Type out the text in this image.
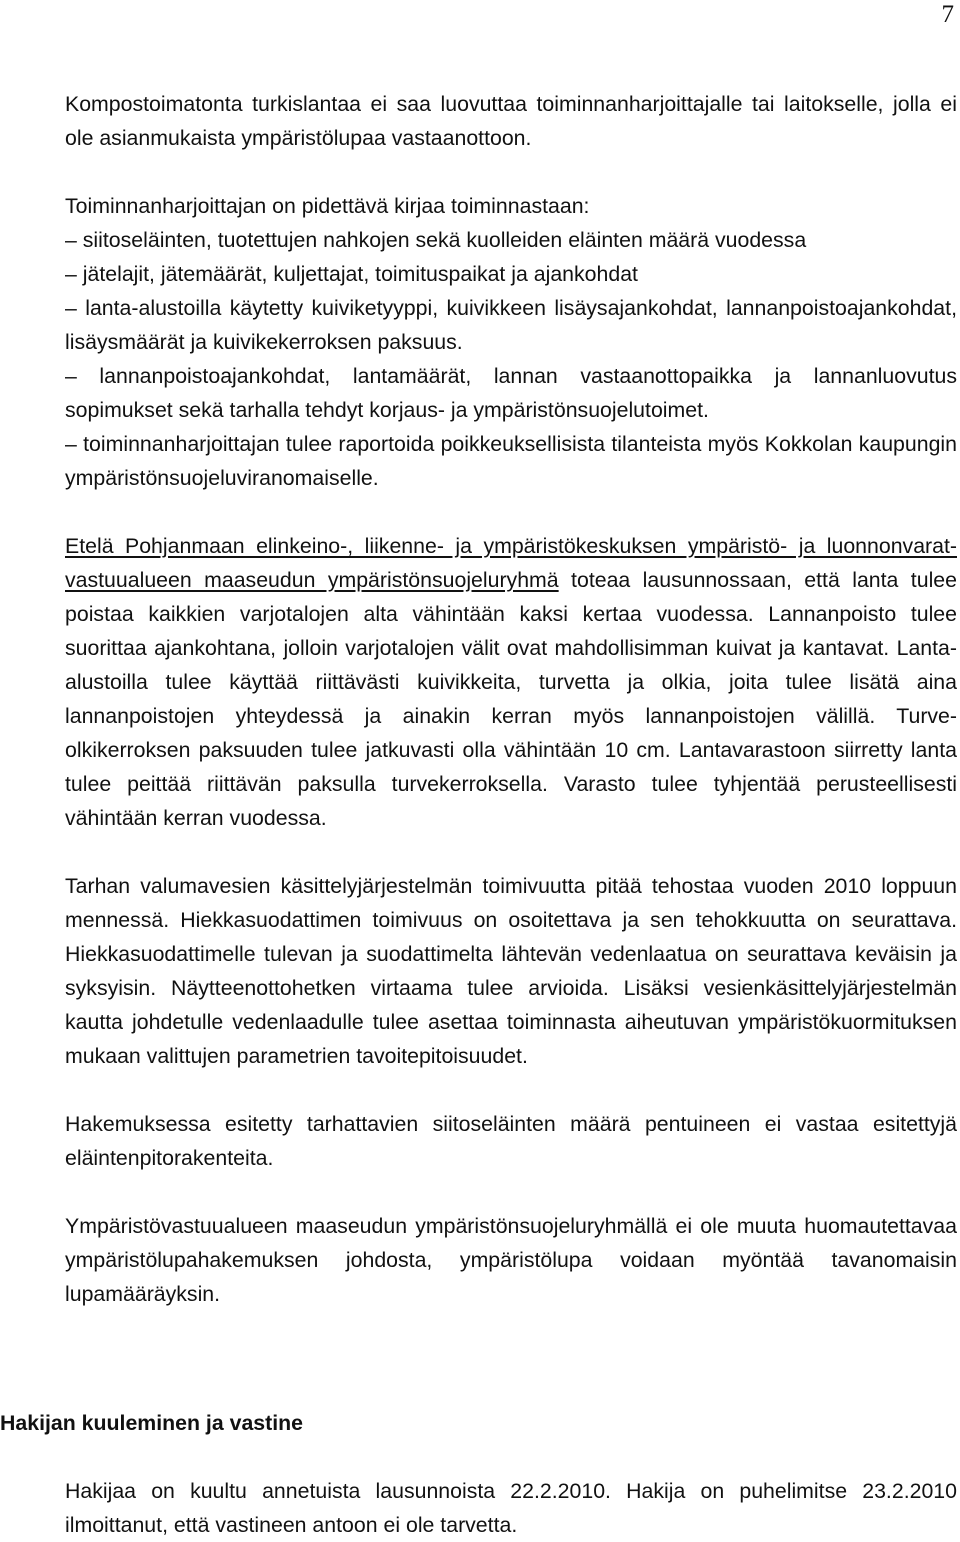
7

Kompostoimatonta turkislantaa ei saa luovuttaa toiminnanharjoittajalle tai laitokselle, jolla ei ole asianmukaista ympäristölupaa vastaanottoon.

Toiminnanharjoittajan on pidettävä kirjaa toiminnastaan:

– siitoseläinten, tuotettujen nahkojen sekä kuolleiden eläinten määrä vuodessa

– jätelajit, jätemäärät, kuljettajat, toimituspaikat ja ajankohdat

– lanta-alustoilla käytetty kuiviketyyppi, kuivikkeen lisäysajankohdat, lannanpoistoajankohdat, lisäysmäärät ja kuivikekerroksen paksuus.

– lannanpoistoajankohdat, lantamäärät, lannan vastaanottopaikka ja lannanluovutus sopimukset sekä tarhalla tehdyt korjaus- ja ympäristönsuojelutoimet.

– toiminnanharjoittajan tulee raportoida poikkeuksellisista tilanteista myös Kokkolan kaupungin ympäristönsuojeluviranomaiselle.

Etelä Pohjanmaan elinkeino-, liikenne- ja ympäristökeskuksen ympäristö- ja luonnonvarat- vastuualueen maaseudun ympäristönsuojeluryhmä toteaa lausunnossaan, että lanta tulee poistaa kaikkien varjotalojen alta vähintään kaksi kertaa vuodessa. Lannanpoisto tulee suorittaa ajankohtana, jolloin varjotalojen välit ovat mahdollisimman kuivat ja kantavat. Lanta-alustoilla tulee käyttää riittävästi kuivikkeita, turvetta ja olkia, joita tulee lisätä aina lannanpoistojen yhteydessä ja ainakin kerran myös lannanpoistojen välillä. Turve-olkikerroksen paksuuden tulee jatkuvasti olla vähintään 10 cm. Lantavarastoon siirretty lanta tulee peittää riittävän paksulla turvekerroksella. Varasto tulee tyhjentää perusteellisesti vähintään kerran vuodessa.

Tarhan valumavesien käsittelyjärjestelmän toimivuutta pitää tehostaa vuoden 2010 loppuun mennessä. Hiekkasuodattimen toimivuus on osoitettava ja sen tehokkuutta on seurattava. Hiekkasuodattimelle tulevan ja suodattimelta lähtevän vedenlaatua on seurattava keväisin ja syksyisin. Näytteenottohetken virtaama tulee arvioida. Lisäksi vesienkäsittelyjärjestelmän kautta johdetulle vedenlaadulle tulee asettaa toiminnasta aiheutuvan ympäristökuormituksen mukaan valittujen parametrien tavoitepitoisuudet.

Hakemuksessa esitetty tarhattavien siitoseläinten määrä pentuineen ei vastaa esitettyjä eläintenpitorakenteita.

Ympäristövastuualueen maaseudun ympäristönsuojeluryhmällä ei ole muuta huomautettavaa ympäristölupahakemuksen johdosta, ympäristölupa voidaan myöntää tavanomaisin lupamääräyksin.

Hakijan kuuleminen ja vastine

Hakijaa on kuultu annetuista lausunnoista 22.2.2010. Hakija on puhelimitse 23.2.2010 ilmoittanut, että vastineen antoon ei ole tarvetta.
